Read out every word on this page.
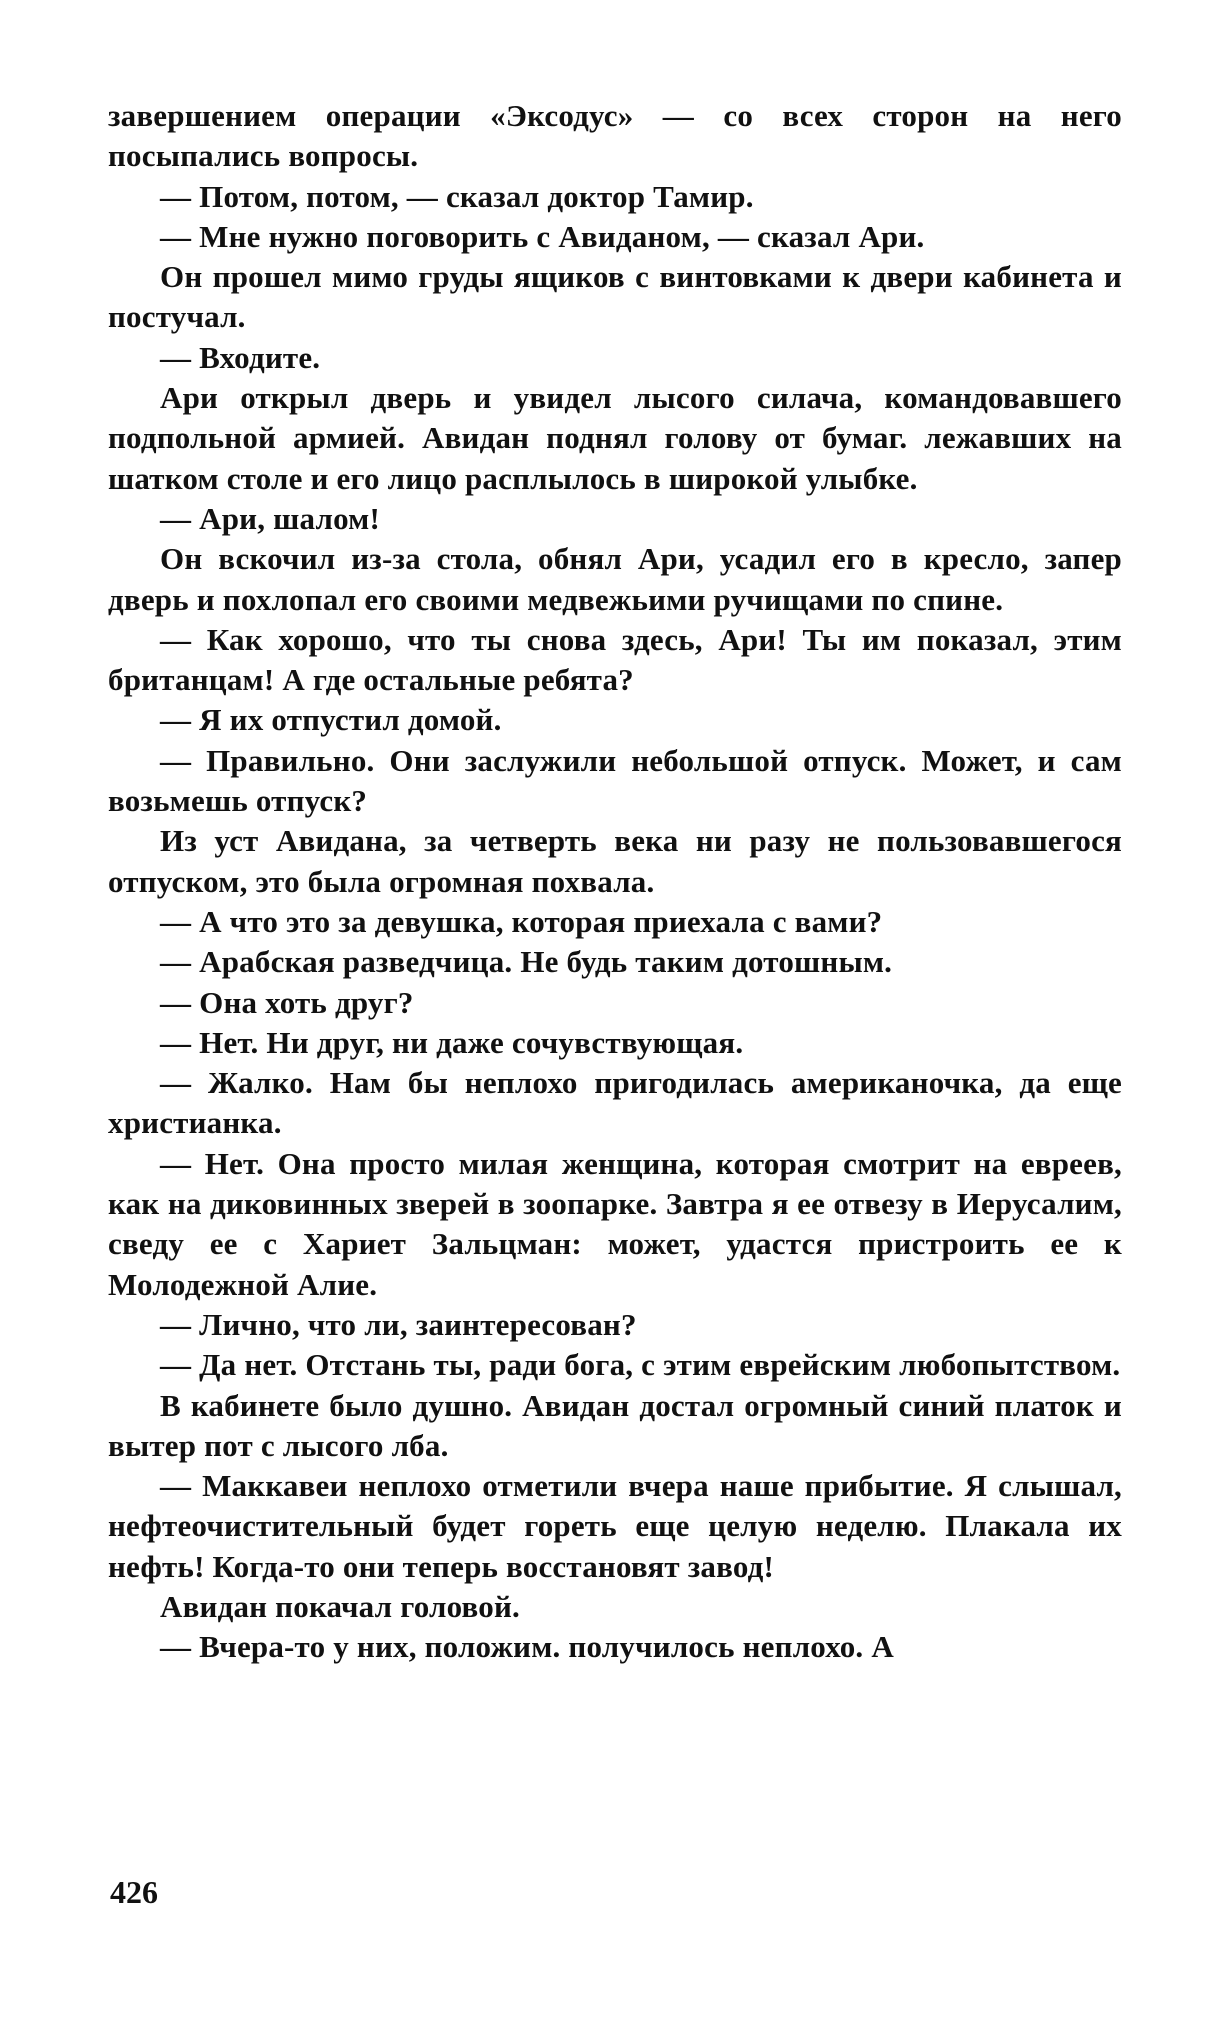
завершением операции «Эксодус» — со всех сторон на него посыпались вопросы.

— Потом, потом, — сказал доктор Тамир.

— Мне нужно поговорить с Авиданом, — сказал Ари.

Он прошел мимо груды ящиков с винтовками к двери кабинета и постучал.

— Входите.

Ари открыл дверь и увидел лысого силача, командовавшего подпольной армией. Авидан поднял голову от бумаг. лежавших на шатком столе и его лицо расплылось в широкой улыбке.

— Ари, шалом!

Он вскочил из-за стола, обнял Ари, усадил его в кресло, запер дверь и похлопал его своими медвежьими ручищами по спине.

— Как хорошо, что ты снова здесь, Ари! Ты им показал, этим британцам! А где остальные ребята?

— Я их отпустил домой.

— Правильно. Они заслужили небольшой отпуск. Может, и сам возьмешь отпуск?

Из уст Авидана, за четверть века ни разу не пользовавшегося отпуском, это была огромная похвала.

— А что это за девушка, которая приехала с вами?

— Арабская разведчица. Не будь таким дотошным.

— Она хоть друг?

— Нет. Ни друг, ни даже сочувствующая.

— Жалко. Нам бы неплохо пригодилась американочка, да еще христианка.

— Нет. Она просто милая женщина, которая смотрит на евреев, как на диковинных зверей в зоопарке. Завтра я ее отвезу в Иерусалим, сведу ее с Хариет Зальцман: может, удастся пристроить ее к Молодежной Алие.

— Лично, что ли, заинтересован?

— Да нет. Отстань ты, ради бога, с этим еврейским любопытством.

В кабинете было душно. Авидан достал огромный синий платок и вытер пот с лысого лба.

— Маккавеи неплохо отметили вчера наше прибытие. Я слышал, нефтеочистительный будет гореть еще целую неделю. Плакала их нефть! Когда-то они теперь восстановят завод!

Авидан покачал головой.

— Вчера-то у них, положим. получилось неплохо. А

426
